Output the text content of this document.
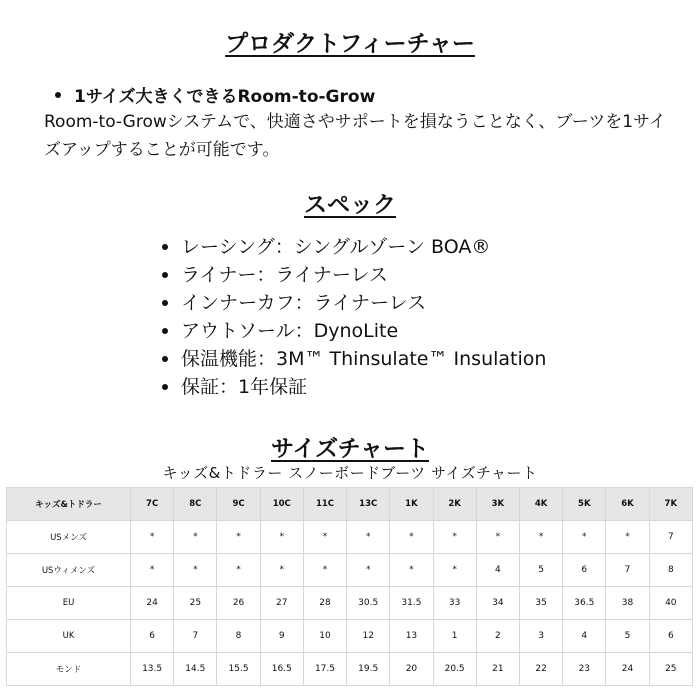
プロダクトフィーチャー
1サイズ大きくできるRoom-to-Grow
Room-to-Growシステムで、快適さやサポートを損なうことなく、ブーツを1サイズアップすることが可能です。
スペック
レーシング：シングルゾーン BOA®
ライナー：ライナーレス
インナーカフ：ライナーレス
アウトソール：DynoLite
保温機能：3M™ Thinsulate™ Insulation
保証：1年保証
サイズチャート
キッズ&トドラー スノーボードブーツ サイズチャート
キッズ&トドラー	7C	8C	9C	10C	11C	13C	1K	2K	3K	4K	5K	6K	7K
USメンズ	*	*	*	*	*	*	*	*	*	*	*	*	7
USウィメンズ	*	*	*	*	*	*	*	*	4	5	6	7	8
EU	24	25	26	27	28	30.5	31.5	33	34	35	36.5	38	40
UK	6	7	8	9	10	12	13	1	2	3	4	5	6
モンド	13.5	14.5	15.5	16.5	17.5	19.5	20	20.5	21	22	23	24	25
